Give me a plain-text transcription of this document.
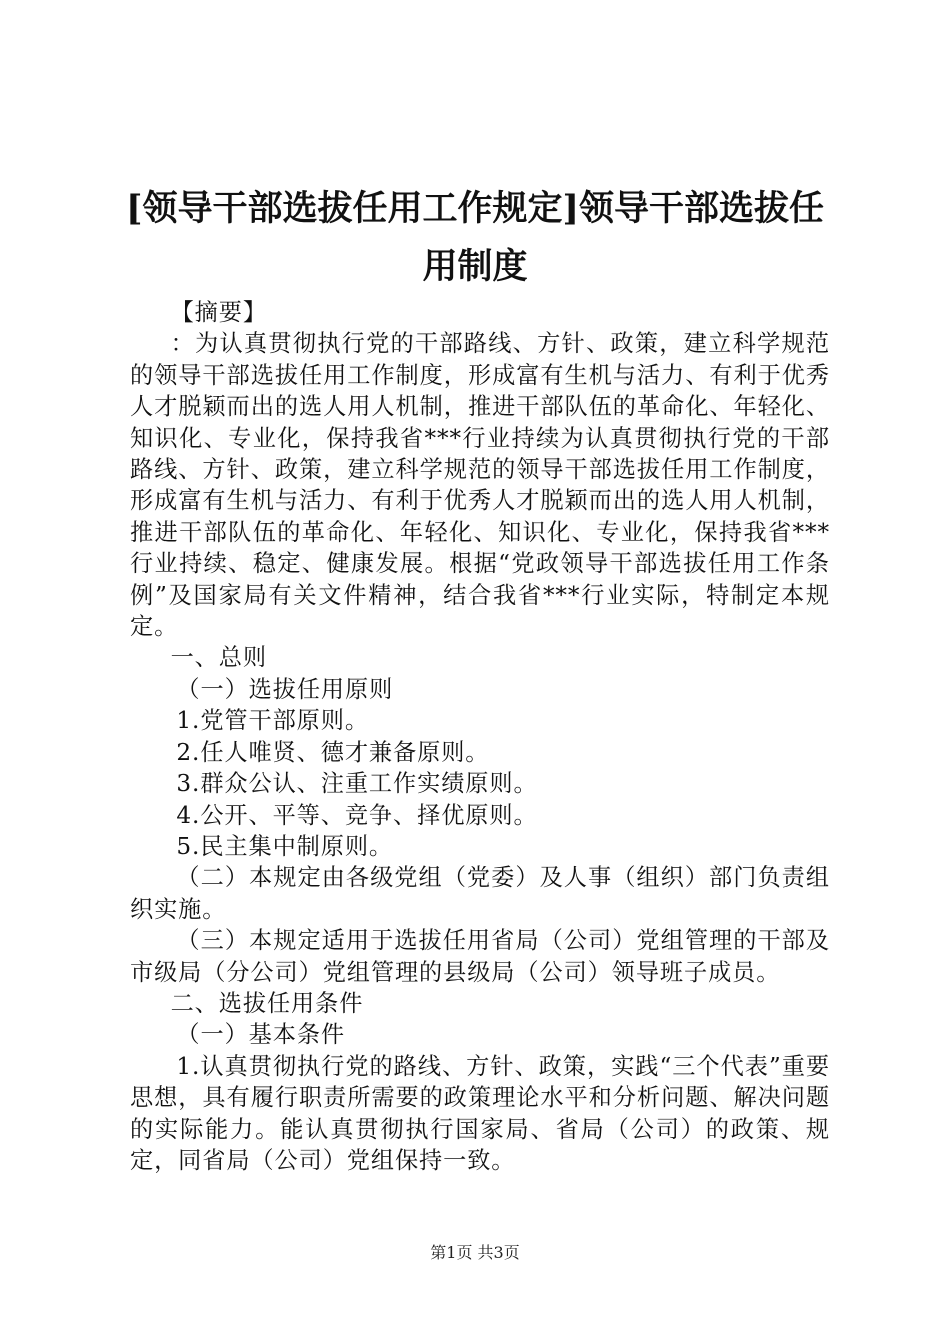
[领导干部选拔任用工作规定]领导干部选拔任
用制度

【摘要】

：为认真贯彻执行党的干部路线、方针、政策，建立科学规范的领导干部选拔任用工作制度，形成富有生机与活力、有利于优秀人才脱颖而出的选人用人机制，推进干部队伍的革命化、年轻化、知识化、专业化，保持我省***行业持续为认真贯彻执行党的干部路线、方针、政策，建立科学规范的领导干部选拔任用工作制度，形成富有生机与活力、有利于优秀人才脱颖而出的选人用人机制，推进干部队伍的革命化、年轻化、知识化、专业化，保持我省***行业持续、稳定、健康发展。根据“党政领导干部选拔任用工作条例”及国家局有关文件精神，结合我省***行业实际，特制定本规定。

一、总则

（一）选拔任用原则

1.党管干部原则。

2.任人唯贤、德才兼备原则。

3.群众公认、注重工作实绩原则。

4.公开、平等、竞争、择优原则。

5.民主集中制原则。

（二）本规定由各级党组（党委）及人事（组织）部门负责组织实施。

（三）本规定适用于选拔任用省局（公司）党组管理的干部及市级局（分公司）党组管理的县级局（公司）领导班子成员。

二、选拔任用条件

（一）基本条件

1.认真贯彻执行党的路线、方针、政策，实践“三个代表”重要思想，具有履行职责所需要的政策理论水平和分析问题、解决问题的实际能力。能认真贯彻执行国家局、省局（公司）的政策、规定，同省局（公司）党组保持一致。

第1页 共3页
